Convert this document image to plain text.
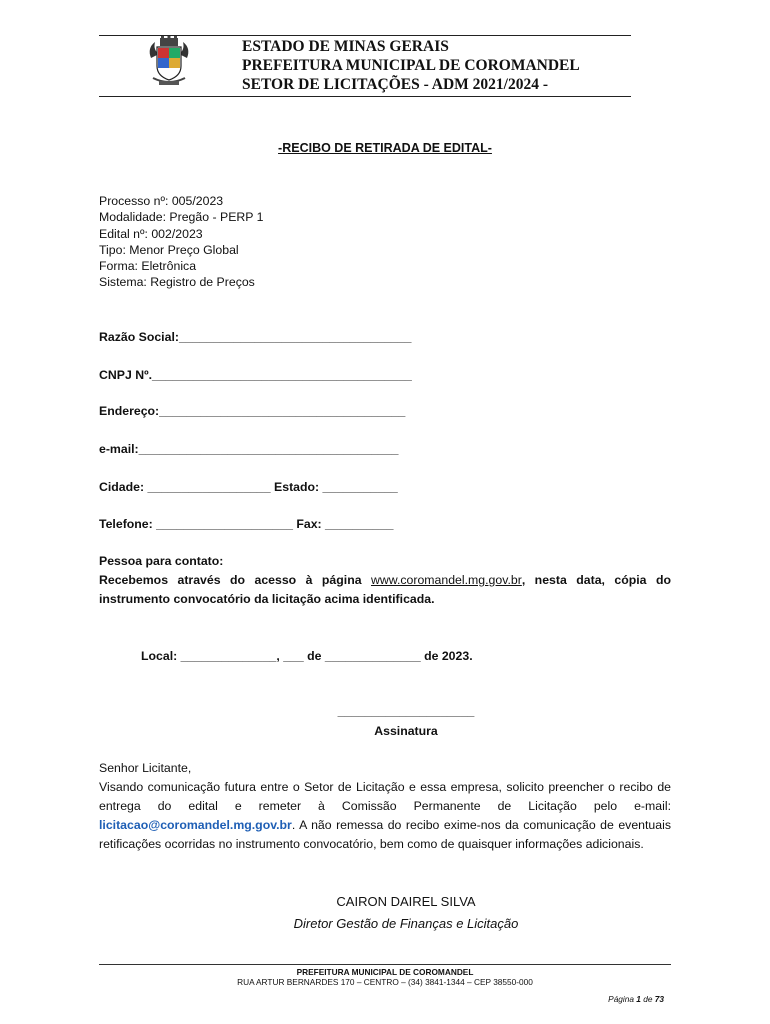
ESTADO DE MINAS GERAIS
PREFEITURA MUNICIPAL DE COROMANDEL
SETOR DE LICITAÇÕES - ADM 2021/2024 -
-RECIBO DE RETIRADA DE EDITAL-
Processo nº: 005/2023
Modalidade: Pregão - PERP 1
Edital nº: 002/2023
Tipo: Menor Preço Global
Forma: Eletrônica
Sistema: Registro de Preços
Razão Social:__________________________________
CNPJ Nº.______________________________________
Endereço:____________________________________
e-mail:______________________________________
Cidade: __________________ Estado: ___________
Telefone: ____________________ Fax: __________
Pessoa para contato:
Recebemos através do acesso à página www.coromandel.mg.gov.br, nesta data, cópia do instrumento convocatório da licitação acima identificada.
Local: ______________, ___ de ______________ de 2023.
____________________
Assinatura
Senhor Licitante,
Visando comunicação futura entre o Setor de Licitação e essa empresa, solicito preencher o recibo de entrega do edital e remeter à Comissão Permanente de Licitação pelo e-mail: licitacao@coromandel.mg.gov.br. A não remessa do recibo exime-nos da comunicação de eventuais retificações ocorridas no instrumento convocatório, bem como de quaisquer informações adicionais.
CAIRON DAIREL SILVA
Diretor Gestão de Finanças e Licitação
PREFEITURA MUNICIPAL DE COROMANDEL
RUA ARTUR BERNARDES 170 – CENTRO – (34) 3841-1344 – CEP 38550-000
Página 1 de 73
